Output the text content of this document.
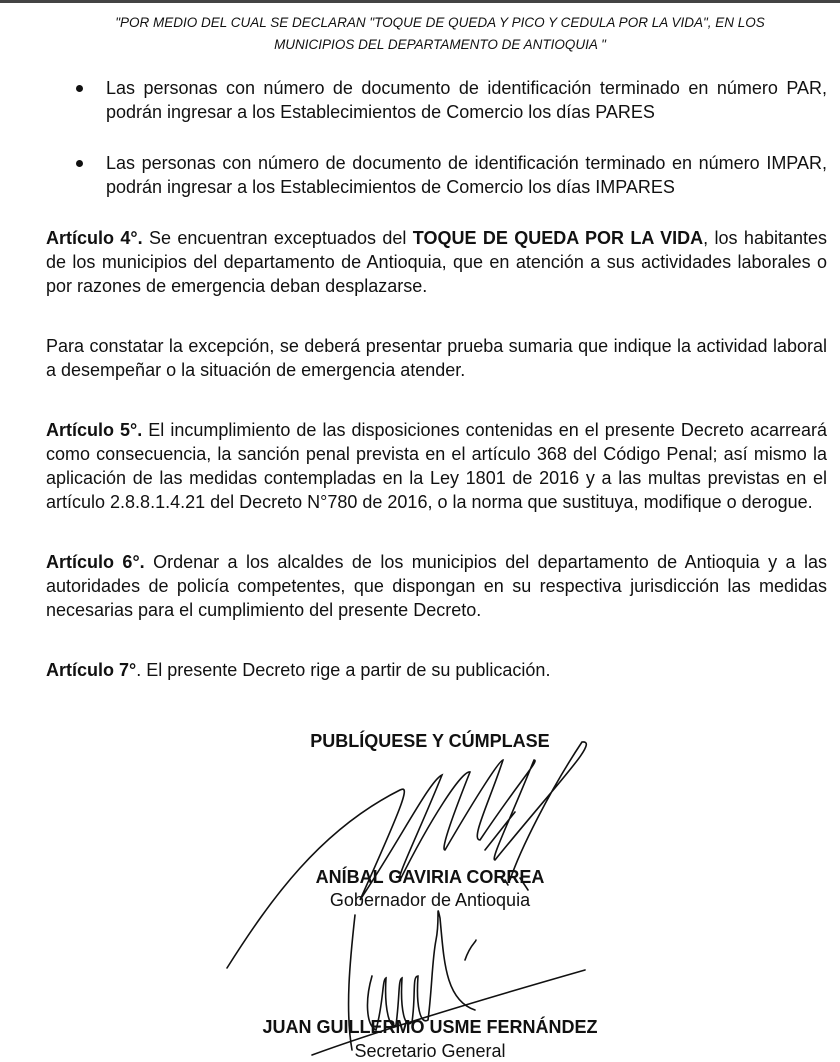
"POR MEDIO DEL CUAL SE DECLARAN "TOQUE DE QUEDA Y PICO Y CEDULA POR LA VIDA", EN LOS
MUNICIPIOS DEL DEPARTAMENTO DE ANTIOQUIA "
Las personas con número de documento de identificación terminado en número PAR, podrán ingresar a los Establecimientos de Comercio los días PARES
Las personas con número de documento de identificación terminado en número IMPAR, podrán ingresar a los Establecimientos de Comercio los días IMPARES

Artículo 4°. Se encuentran exceptuados del TOQUE DE QUEDA POR LA VIDA, los habitantes de los municipios del departamento de Antioquia, que en atención a sus actividades laborales o por razones de emergencia deban desplazarse.

Para constatar la excepción, se deberá presentar prueba sumaria que indique la actividad laboral a desempeñar o la situación de emergencia atender.

Artículo 5°. El incumplimiento de las disposiciones contenidas en el presente Decreto acarreará como consecuencia, la sanción penal prevista en el artículo 368 del Código Penal; así mismo la aplicación de las medidas contempladas en la Ley 1801 de 2016 y a las multas previstas en el artículo 2.8.8.1.4.21 del Decreto N°780 de 2016, o la norma que sustituya, modifique o derogue.

Artículo 6°. Ordenar a los alcaldes de los municipios del departamento de Antioquia y a las autoridades de policía competentes, que dispongan en su respectiva jurisdicción las medidas necesarias para el cumplimiento del presente Decreto.

Artículo 7°. El presente Decreto rige a partir de su publicación.

PUBLÍQUESE Y CÚMPLASE
ANÍBAL GAVIRIA CORREA
Gobernador de Antioquia
JUAN GUILLERMO USME FERNÁNDEZ
Secretario General
